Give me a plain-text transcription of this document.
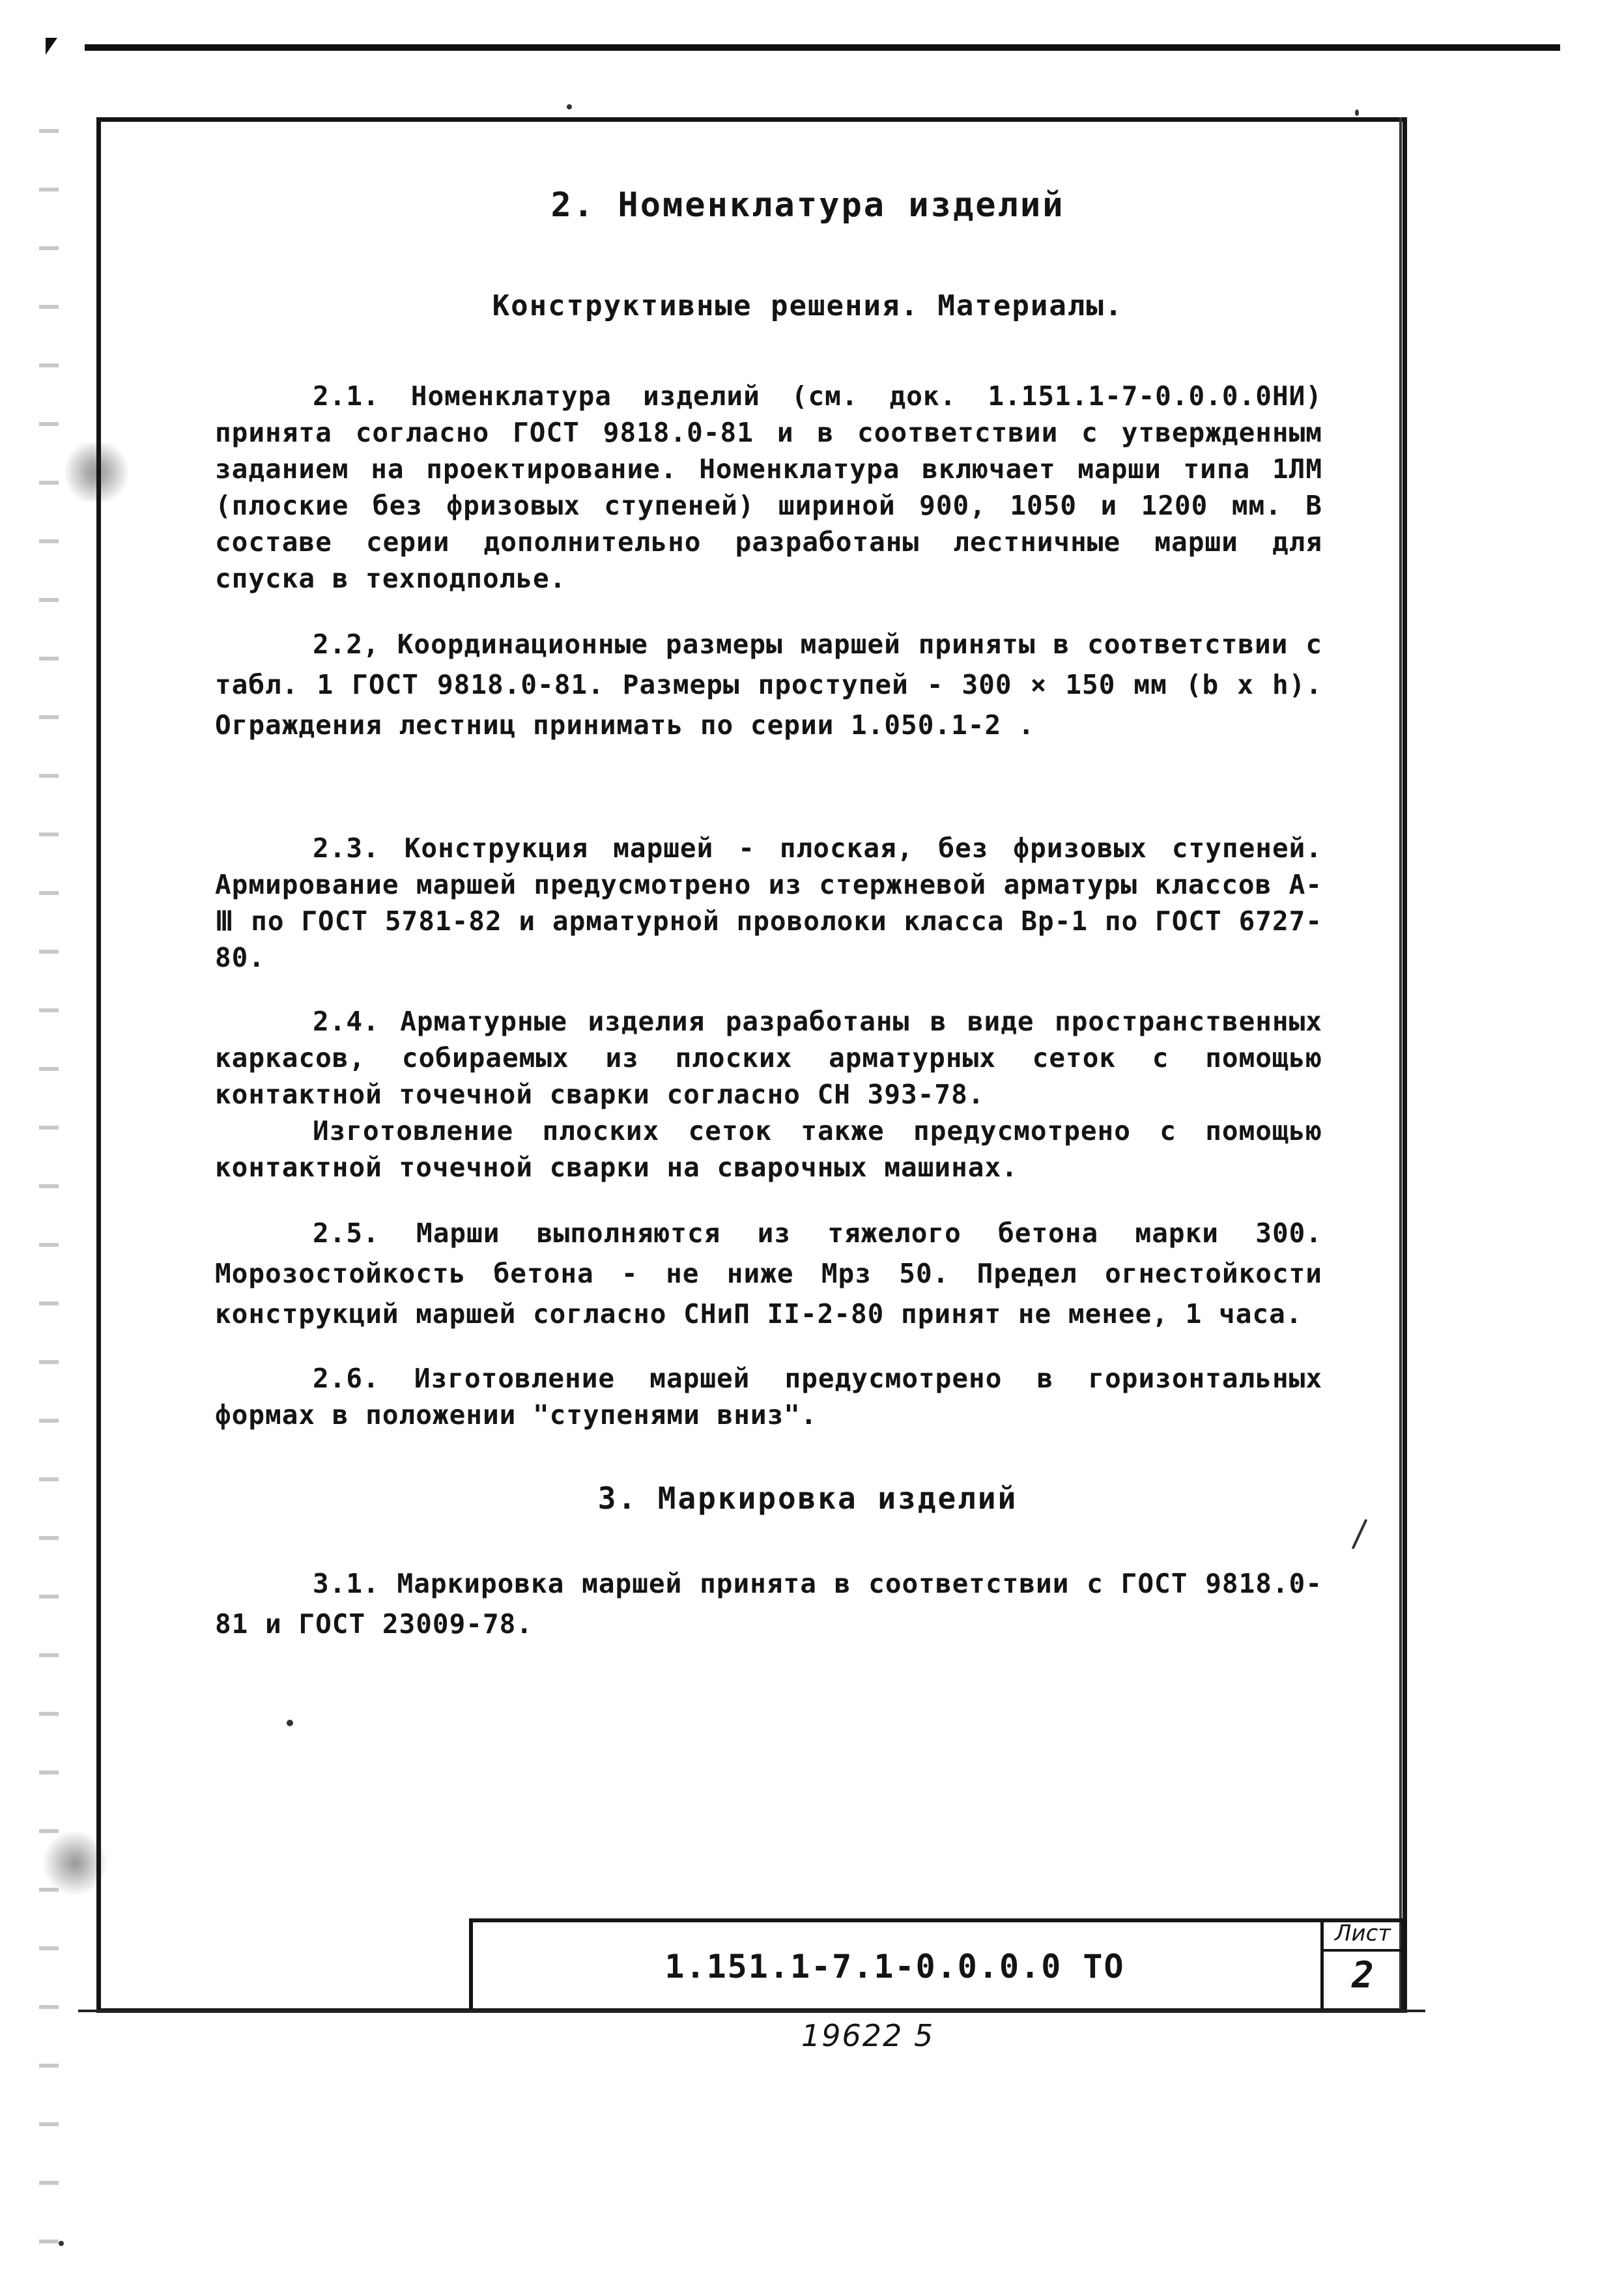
2. Номенклатура изделий
Конструктивные решения. Материалы.

2.1. Номенклатура изделий (см. док. 1.151.1-7-0.0.0.0НИ) принята согласно ГОСТ 9818.0-81 и в соответствии с утвержденным заданием на проектирование. Номенклатура включает марши типа 1ЛМ (плоские без фризовых ступеней) шириной 900, 1050 и 1200 мм. В составе серии дополнительно разработаны лестничные марши для спуска в техподполье.

2.2, Координационные размеры маршей приняты в соответствии с табл. 1 ГОСТ 9818.0-81. Размеры проступей - 300 × 150 мм (b x h). Ограждения лестниц принимать по серии 1.050.1-2 .

2.3. Конструкция маршей - плоская, без фризовых ступеней. Армирование маршей предусмотрено из стержневой арматуры классов А-Ⅲ по ГОСТ 5781-82 и арматурной проволоки класса Вр-1 по ГОСТ 6727-80.

2.4. Арматурные изделия разработаны в виде пространственных каркасов, собираемых из плоских арматурных сеток с помощью контактной точечной сварки согласно СН 393-78.

Изготовление плоских сеток также предусмотрено с помощью контактной точечной сварки на сварочных машинах.

2.5. Марши выполняются из тяжелого бетона марки 300. Морозостойкость бетона - не ниже Мрз 50. Предел огнестойкости конструкций маршей согласно СНиП II-2-80 принят не менее, 1 часа.

2.6. Изготовление маршей предусмотрено в горизонтальных формах в положении "ступенями вниз".

3. Маркировка изделий

3.1. Маркировка маршей принята в соответствии с ГОСТ 9818.0-81 и ГОСТ 23009-78.

1.151.1-7.1-0.0.0.0 ТО
Лист
2
19622 5
